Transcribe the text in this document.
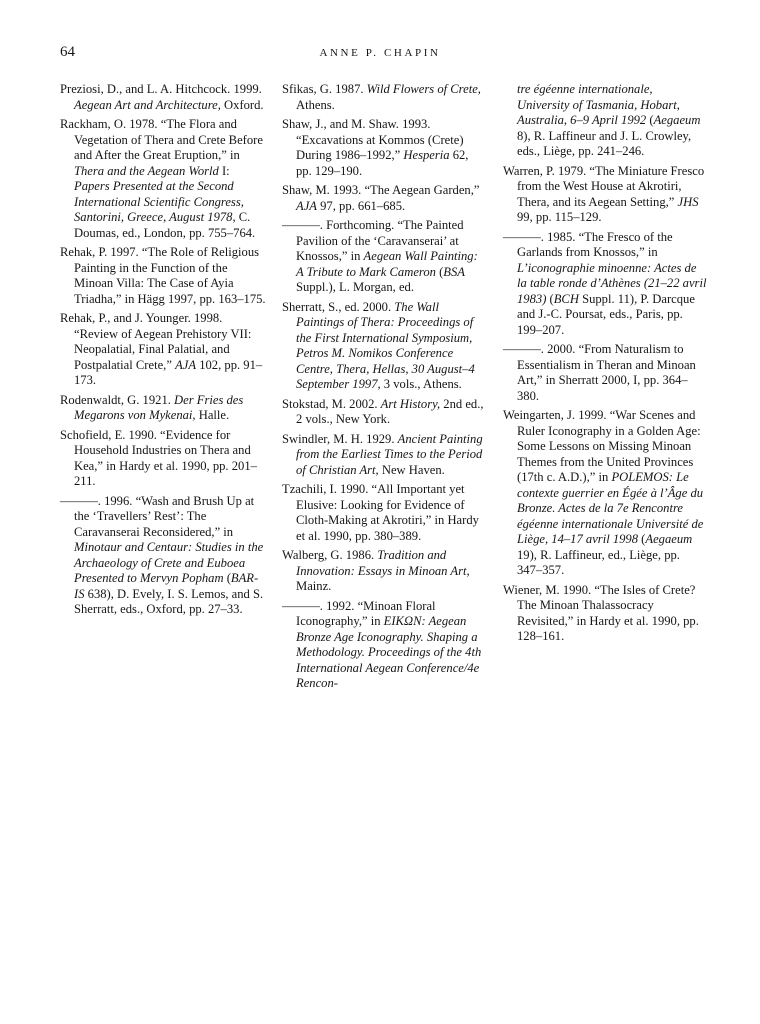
64	ANNE P. CHAPIN
Preziosi, D., and L. A. Hitchcock. 1999. Aegean Art and Architecture, Oxford.
Rackham, O. 1978. “The Flora and Vegetation of Thera and Crete Before and After the Great Eruption,” in Thera and the Aegean World I: Papers Presented at the Second International Scientific Congress, Santorini, Greece, August 1978, C. Doumas, ed., London, pp. 755–764.
Rehak, P. 1997. “The Role of Religious Painting in the Function of the Minoan Villa: The Case of Ayia Triadha,” in Hägg 1997, pp. 163–175.
Rehak, P., and J. Younger. 1998. “Review of Aegean Prehistory VII: Neopalatial, Final Palatial, and Postpalatial Crete,” AJA 102, pp. 91–173.
Rodenwaldt, G. 1921. Der Fries des Megarons von Mykenai, Halle.
Schofield, E. 1990. “Evidence for Household Industries on Thera and Kea,” in Hardy et al. 1990, pp. 201–211.
———. 1996. “Wash and Brush Up at the ‘Travellers’ Rest’: The Caravanserai Reconsidered,” in Minotaur and Centaur: Studies in the Archaeology of Crete and Euboea Presented to Mervyn Popham (BAR-IS 638), D. Evely, I. S. Lemos, and S. Sherratt, eds., Oxford, pp. 27–33.
Sfikas, G. 1987. Wild Flowers of Crete, Athens.
Shaw, J., and M. Shaw. 1993. “Excavations at Kommos (Crete) During 1986–1992,” Hesperia 62, pp. 129–190.
Shaw, M. 1993. “The Aegean Garden,” AJA 97, pp. 661–685.
———. Forthcoming. “The Painted Pavilion of the ‘Caravanserai’ at Knossos,” in Aegean Wall Painting: A Tribute to Mark Cameron (BSA Suppl.), L. Morgan, ed.
Sherratt, S., ed. 2000. The Wall Paintings of Thera: Proceedings of the First International Symposium, Petros M. Nomikos Conference Centre, Thera, Hellas, 30 August–4 September 1997, 3 vols., Athens.
Stokstad, M. 2002. Art History, 2nd ed., 2 vols., New York.
Swindler, M. H. 1929. Ancient Painting from the Earliest Times to the Period of Christian Art, New Haven.
Tzachili, I. 1990. “All Important yet Elusive: Looking for Evidence of Cloth-Making at Akrotiri,” in Hardy et al. 1990, pp. 380–389.
Walberg, G. 1986. Tradition and Innovation: Essays in Minoan Art, Mainz.
———. 1992. “Minoan Floral Iconography,” in EIKΩN: Aegean Bronze Age Iconography. Shaping a Methodology. Proceedings of the 4th International Aegean Conference/4e Rencon-
tre égéenne internationale, University of Tasmania, Hobart, Australia, 6–9 April 1992 (Aegaeum 8), R. Laffineur and J. L. Crowley, eds., Liège, pp. 241–246.
Warren, P. 1979. “The Miniature Fresco from the West House at Akrotiri, Thera, and its Aegean Setting,” JHS 99, pp. 115–129.
———. 1985. “The Fresco of the Garlands from Knossos,” in L’iconographie minoenne: Actes de la table ronde d’Athènes (21–22 avril 1983) (BCH Suppl. 11), P. Darcque and J.-C. Poursat, eds., Paris, pp. 199–207.
———. 2000. “From Naturalism to Essentialism in Theran and Minoan Art,” in Sherratt 2000, I, pp. 364–380.
Weingarten, J. 1999. “War Scenes and Ruler Iconography in a Golden Age: Some Lessons on Missing Minoan Themes from the United Provinces (17th c. A.D.),” in POLEMOS: Le contexte guerrier en Égée à l’Âge du Bronze. Actes de la 7e Rencontre égéenne internationale Université de Liège, 14–17 avril 1998 (Aegaeum 19), R. Laffineur, ed., Liège, pp. 347–357.
Wiener, M. 1990. “The Isles of Crete? The Minoan Thalassocracy Revisited,” in Hardy et al. 1990, pp. 128–161.
